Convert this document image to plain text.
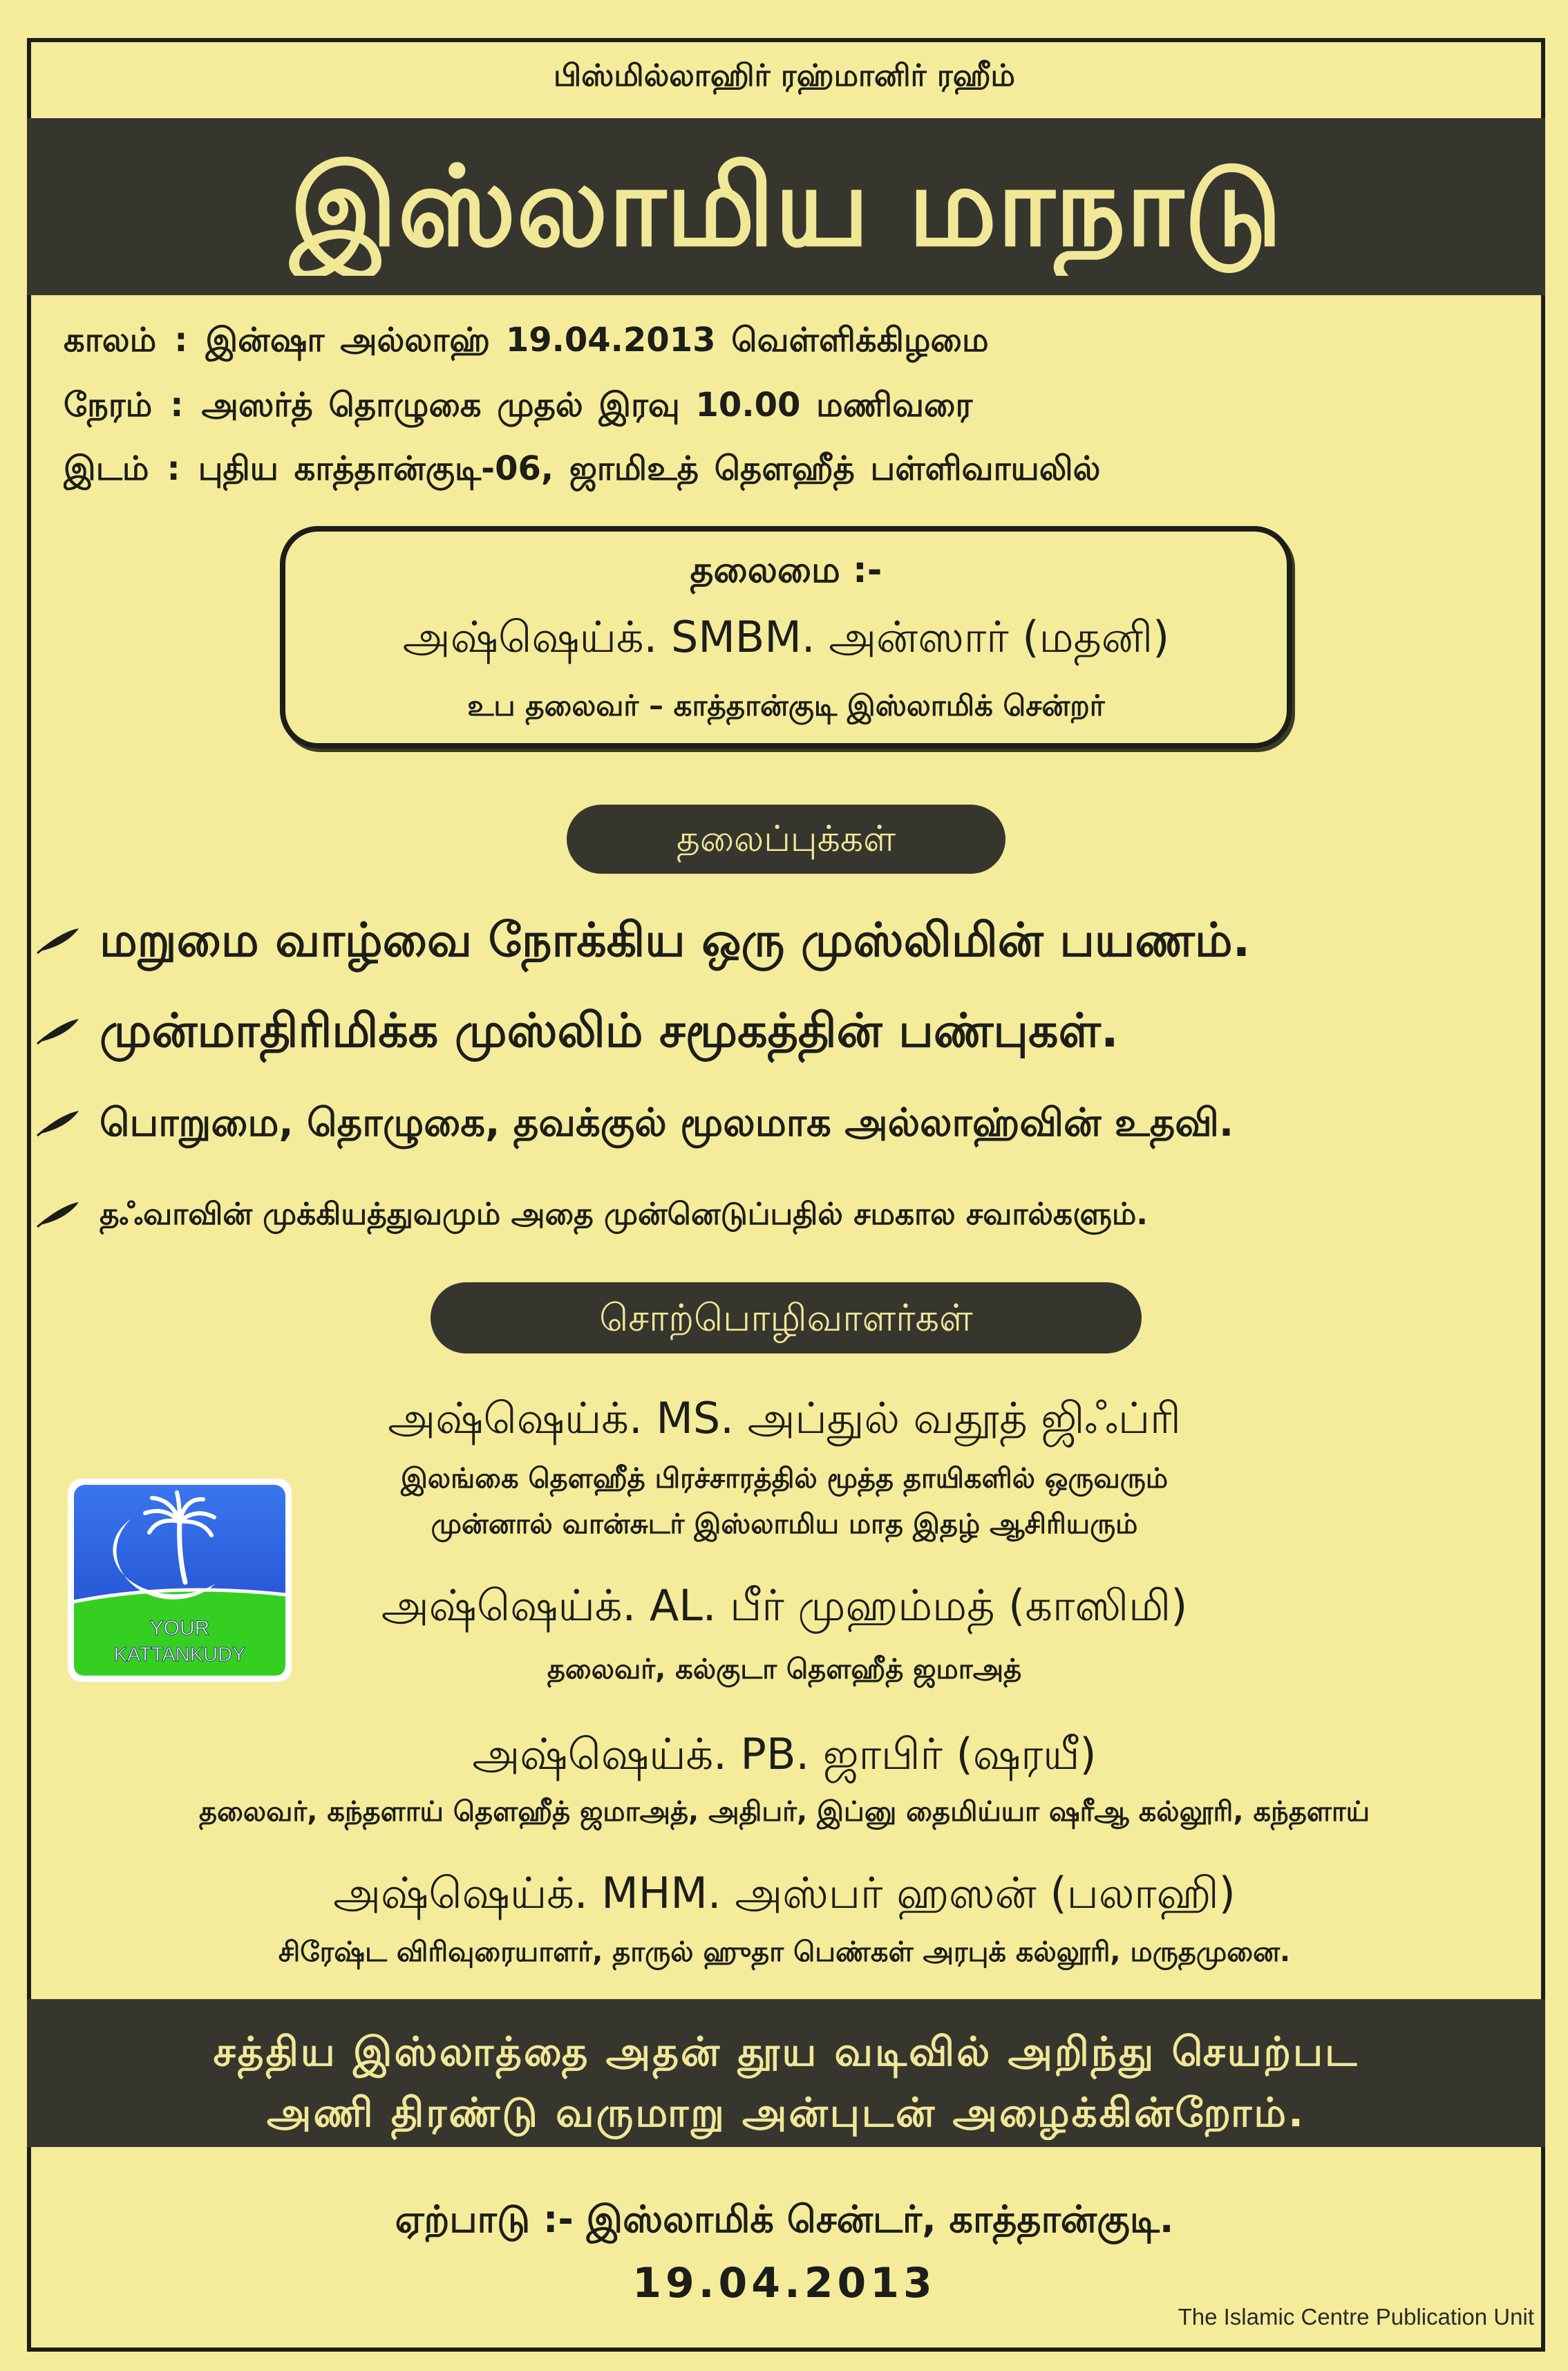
பிஸ்மில்லாஹிர் ரஹ்மானிர் ரஹீம்
இஸ்லாமிய மாநாடு
காலம் : இன்ஷா அல்லாஹ் 19.04.2013 வெள்ளிக்கிழமை
நேரம் : அஸர்த் தொழுகை முதல் இரவு 10.00 மணிவரை
இடம் : புதிய காத்தான்குடி-06, ஜாமிஉத் தௌஹீத் பள்ளிவாயலில்
தலைமை :-
அஷ்ஷெய்க். SMBM. அன்ஸார் (மதனி)
உப தலைவர் – காத்தான்குடி இஸ்லாமிக் சென்றர்
தலைப்புக்கள்
மறுமை வாழ்வை நோக்கிய ஒரு முஸ்லிமின் பயணம்.
முன்மாதிரிமிக்க முஸ்லிம் சமூகத்தின் பண்புகள்.
பொறுமை, தொழுகை, தவக்குல் மூலமாக அல்லாஹ்வின் உதவி.
தஃவாவின் முக்கியத்துவமும் அதை முன்னெடுப்பதில் சமகால சவால்களும்.
சொற்பொழிவாளர்கள்
அஷ்ஷெய்க். MS. அப்துல் வதூத் ஜிஃப்ரி
இலங்கை தௌஹீத் பிரச்சாரத்தில் மூத்த தாயிகளில் ஒருவரும்
முன்னால் வான்சுடர் இஸ்லாமிய மாத இதழ் ஆசிரியரும்
அஷ்ஷெய்க். AL. பீர் முஹம்மத் (காஸிமி)
தலைவர், கல்குடா தௌஹீத் ஜமாஅத்
அஷ்ஷெய்க். PB. ஜாபிர் (ஷரயீ)
தலைவர், கந்தளாய் தௌஹீத் ஜமாஅத், அதிபர், இப்னு தைமிய்யா ஷரீஆ கல்லூரி, கந்தளாய்
அஷ்ஷெய்க். MHM. அஸ்பர் ஹஸன் (பலாஹி)
சிரேஷ்ட விரிவுரையாளர், தாருல் ஹுதா பெண்கள் அரபுக் கல்லூரி, மருதமுனை.
YOUR
KATTANKUDY
சத்திய இஸ்லாத்தை அதன் தூய வடிவில் அறிந்து செயற்பட
அணி திரண்டு வருமாறு அன்புடன் அழைக்கின்றோம்.
ஏற்பாடு :- இஸ்லாமிக் சென்டர், காத்தான்குடி.
19.04.2013
The Islamic Centre Publication Unit
